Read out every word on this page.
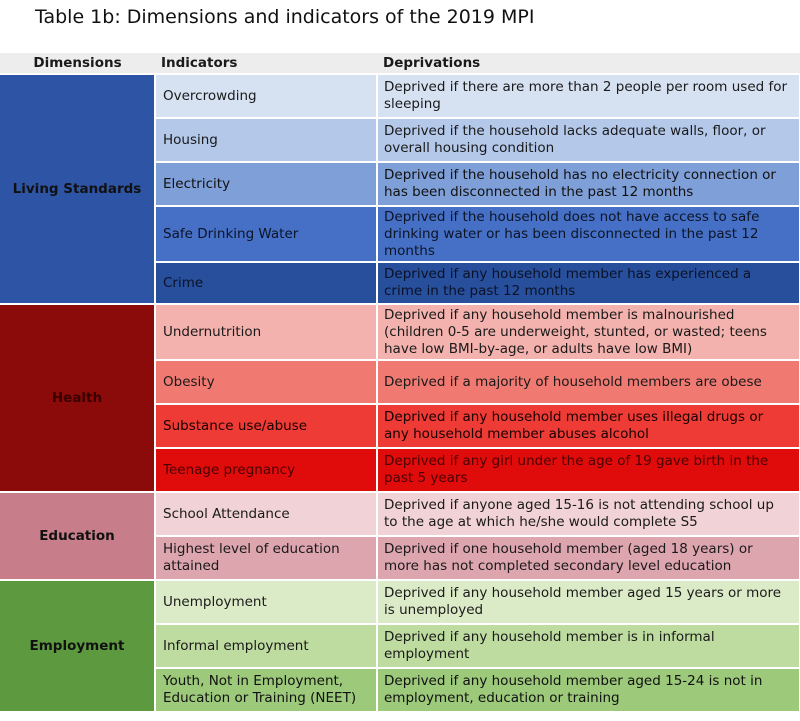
Table 1b: Dimensions and indicators of the 2019 MPI
Dimensions	Indicators	Deprivations
Living Standards	Overcrowding	Deprived if there are more than 2 people per room used for sleeping
	Housing	Deprived if the household lacks adequate walls, floor, or overall housing condition
	Electricity	Deprived if the household has no electricity connection or has been disconnected in the past 12 months
	Safe Drinking Water	Deprived if the household does not have access to safe drinking water or has been disconnected in the past 12 months
	Crime	Deprived if any household member has experienced a crime in the past 12 months
Health	Undernutrition	Deprived if any household member is malnourished (children 0-5 are underweight, stunted, or wasted; teens have low BMI-by-age, or adults have low BMI)
	Obesity	Deprived if a majority of household members are obese
	Substance use/abuse	Deprived if any household member uses illegal drugs or any household member abuses alcohol
	Teenage pregnancy	Deprived if any girl under the age of 19 gave birth in the past 5 years
Education	School Attendance	Deprived if anyone aged 15-16 is not attending school up to the age at which he/she would complete S5
	Highest level of education attained	Deprived if one household member (aged 18 years) or more has not completed secondary level education
Employment	Unemployment	Deprived if any household member aged 15 years or more is unemployed
	Informal employment	Deprived if any household member is in informal employment
	Youth, Not in Employment, Education or Training (NEET)	Deprived if any household member aged 15-24 is not in employment, education or training
